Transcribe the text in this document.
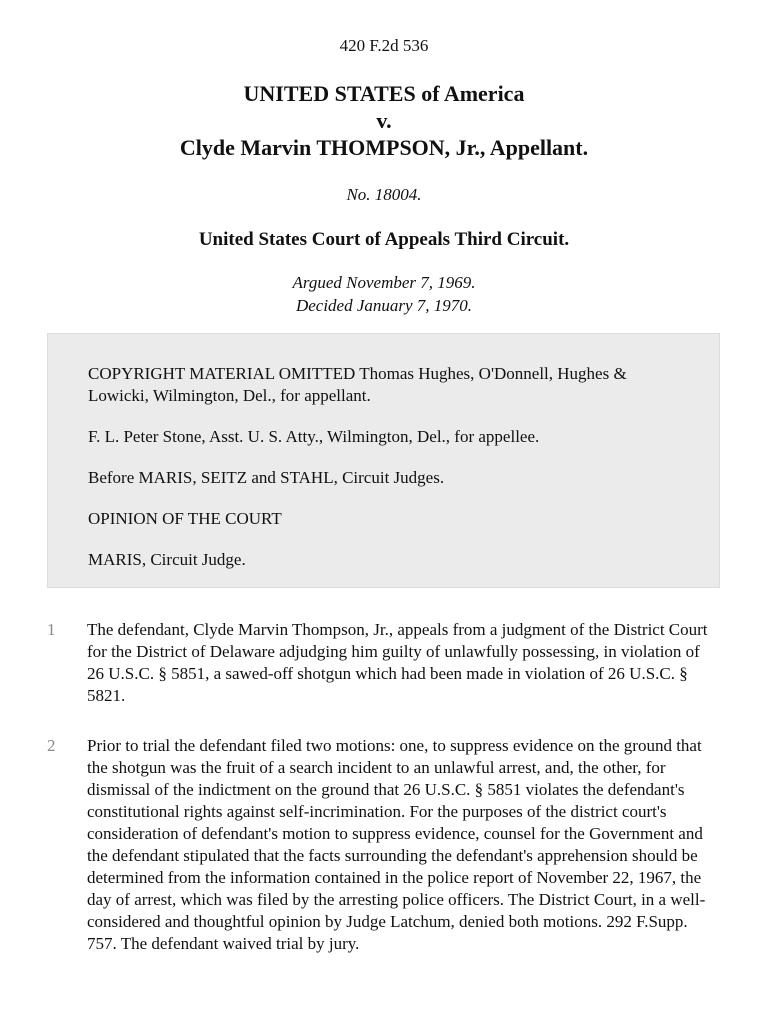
420 F.2d 536
UNITED STATES of America
v.
Clyde Marvin THOMPSON, Jr., Appellant.
No. 18004.
United States Court of Appeals Third Circuit.
Argued November 7, 1969.
Decided January 7, 1970.

COPYRIGHT MATERIAL OMITTED Thomas Hughes, O'Donnell, Hughes & Lowicki, Wilmington, Del., for appellant.

F. L. Peter Stone, Asst. U. S. Atty., Wilmington, Del., for appellee.

Before MARIS, SEITZ and STAHL, Circuit Judges.

OPINION OF THE COURT

MARIS, Circuit Judge.

1 The defendant, Clyde Marvin Thompson, Jr., appeals from a judgment of the District Court for the District of Delaware adjudging him guilty of unlawfully possessing, in violation of 26 U.S.C. § 5851, a sawed-off shotgun which had been made in violation of 26 U.S.C. § 5821.

2 Prior to trial the defendant filed two motions: one, to suppress evidence on the ground that the shotgun was the fruit of a search incident to an unlawful arrest, and, the other, for dismissal of the indictment on the ground that 26 U.S.C. § 5851 violates the defendant's constitutional rights against self-incrimination. For the purposes of the district court's consideration of defendant's motion to suppress evidence, counsel for the Government and the defendant stipulated that the facts surrounding the defendant's apprehension should be determined from the information contained in the police report of November 22, 1967, the day of arrest, which was filed by the arresting police officers. The District Court, in a well-considered and thoughtful opinion by Judge Latchum, denied both motions. 292 F.Supp. 757. The defendant waived trial by jury.
